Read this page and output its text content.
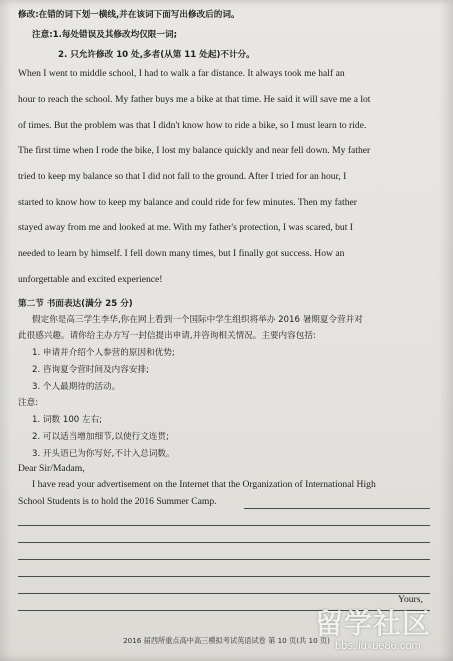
修改:在错的词下划一横线,并在该词下面写出修改后的词。
注意:1.每处错误及其修改均仅限一词;
2. 只允许修改 10 处,多者(从第 11 处起)不计分。
When I went to middle school, I had to walk a far distance. It always took me half an
hour to reach the school. My father buys me a bike at that time. He said it will save me a lot
of times. But the problem was that I didn't know how to ride a bike, so I must learn to ride.
The first time when I rode the bike, I lost my balance quickly and near fell down. My father
tried to keep my balance so that I did not fall to the ground. After I tried for an hour, I
started to know how to keep my balance and could ride for few minutes. Then my father
stayed away from me and looked at me. With my father's protection, I was scared, but I
needed to learn by himself. I fell down many times, but I finally got success. How an
unforgettable and excited experience!
第二节 书面表达(满分 25 分)
假定你是高三学生李华,你在网上看到一个国际中学生组织将举办 2016 暑期夏令营并对
此很感兴趣。请你给主办方写一封信提出申请,并咨询相关情况。主要内容包括:
1. 申请并介绍个人参营的原因和优势;
2. 咨询夏令营时间及内容安排;
3. 个人最期待的活动。
注意:
1. 词数 100 左右;
2. 可以适当增加细节,以使行文连贯;
3. 开头语已为你写好,不计入总词数。
Dear Sir/Madam,
I have read your advertisement on the Internet that the Organization of International High
School Students is to hold the 2016 Summer Camp.
Yours,
2016 届西所重点高中高三模拟考试英语试卷 第 10 页(共 10 页)
留学社区
bbs.liuxue86.com
